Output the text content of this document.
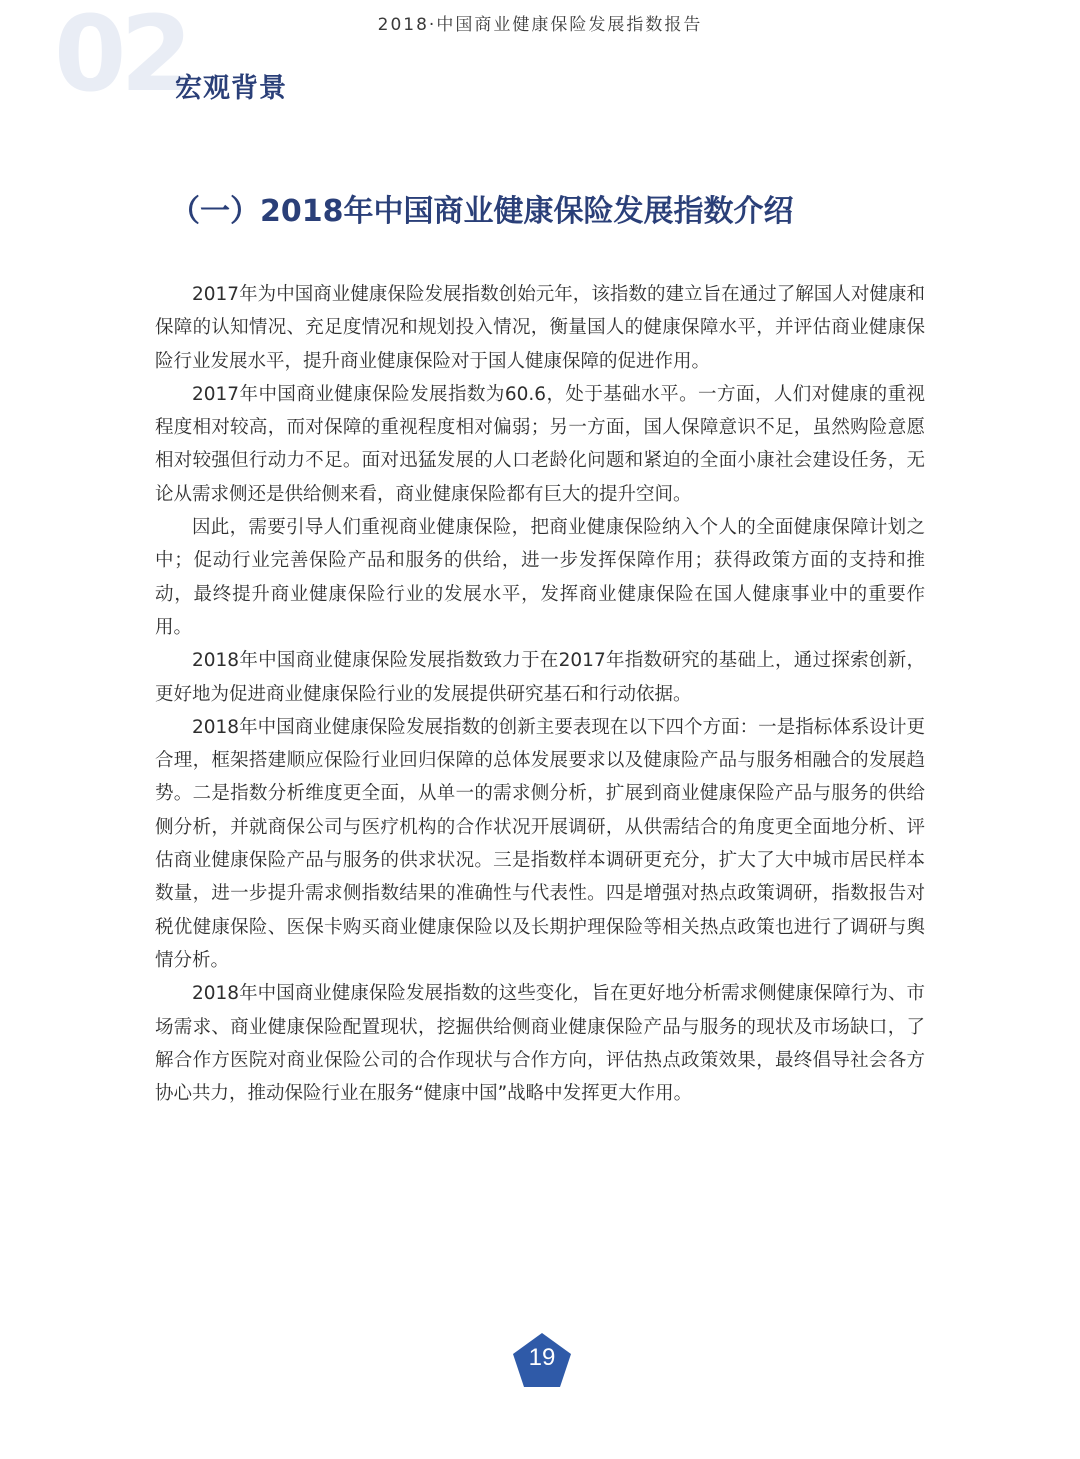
2018·中国商业健康保险发展指数报告
02
宏观背景
（一）2018年中国商业健康保险发展指数介绍

2017年为中国商业健康保险发展指数创始元年，该指数的建立旨在通过了解国人对健康和保障的认知情况、充足度情况和规划投入情况，衡量国人的健康保障水平，并评估商业健康保险行业发展水平，提升商业健康保险对于国人健康保障的促进作用。

2017年中国商业健康保险发展指数为60.6，处于基础水平。一方面，人们对健康的重视程度相对较高，而对保障的重视程度相对偏弱；另一方面，国人保障意识不足，虽然购险意愿相对较强但行动力不足。面对迅猛发展的人口老龄化问题和紧迫的全面小康社会建设任务，无论从需求侧还是供给侧来看，商业健康保险都有巨大的提升空间。

因此，需要引导人们重视商业健康保险，把商业健康保险纳入个人的全面健康保障计划之中；促动行业完善保险产品和服务的供给，进一步发挥保障作用；获得政策方面的支持和推动，最终提升商业健康保险行业的发展水平，发挥商业健康保险在国人健康事业中的重要作用。

2018年中国商业健康保险发展指数致力于在2017年指数研究的基础上，通过探索创新，更好地为促进商业健康保险行业的发展提供研究基石和行动依据。

2018年中国商业健康保险发展指数的创新主要表现在以下四个方面：一是指标体系设计更合理，框架搭建顺应保险行业回归保障的总体发展要求以及健康险产品与服务相融合的发展趋势。二是指数分析维度更全面，从单一的需求侧分析，扩展到商业健康保险产品与服务的供给侧分析，并就商保公司与医疗机构的合作状况开展调研，从供需结合的角度更全面地分析、评估商业健康保险产品与服务的供求状况。三是指数样本调研更充分，扩大了大中城市居民样本数量，进一步提升需求侧指数结果的准确性与代表性。四是增强对热点政策调研，指数报告对税优健康保险、医保卡购买商业健康保险以及长期护理保险等相关热点政策也进行了调研与舆情分析。

2018年中国商业健康保险发展指数的这些变化，旨在更好地分析需求侧健康保障行为、市场需求、商业健康保险配置现状，挖掘供给侧商业健康保险产品与服务的现状及市场缺口，了解合作方医院对商业保险公司的合作现状与合作方向，评估热点政策效果，最终倡导社会各方协心共力，推动保险行业在服务“健康中国”战略中发挥更大作用。

19
